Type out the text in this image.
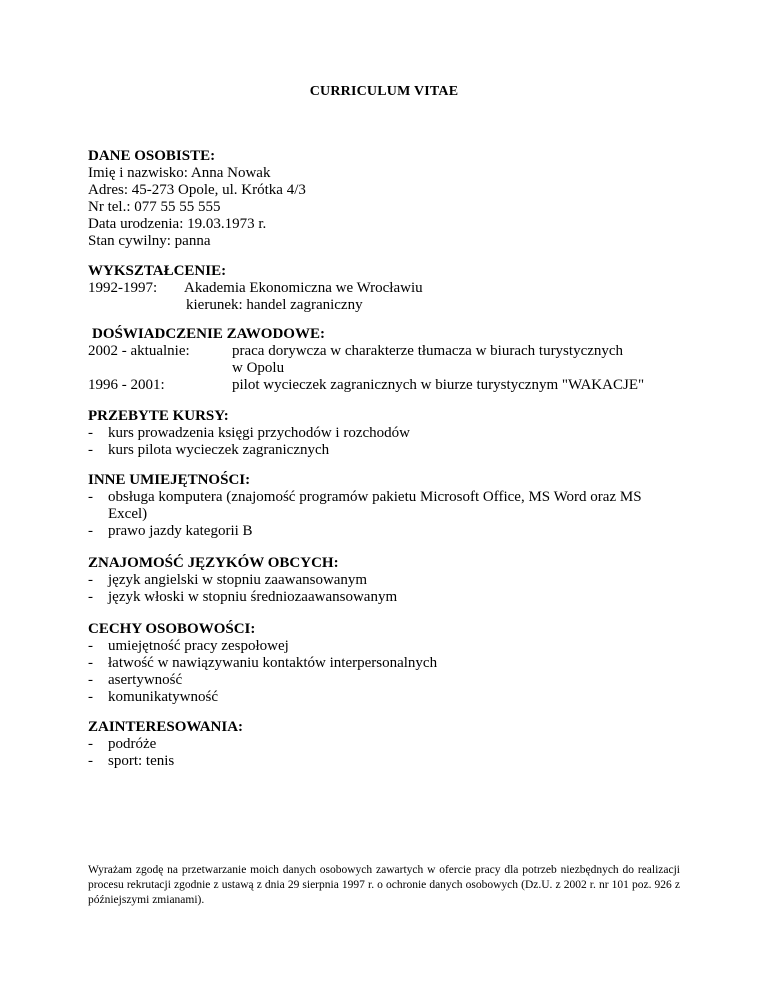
CURRICULUM VITAE
DANE OSOBISTE:
Imię i nazwisko: Anna Nowak
Adres: 45-273 Opole, ul. Krótka 4/3
Nr tel.: 077 55 55 555
Data urodzenia: 19.03.1973 r.
Stan cywilny: panna
WYKSZTAŁCENIE:
1992-1997: Akademia Ekonomiczna we Wrocławiu
kierunek: handel zagraniczny
DOŚWIADCZENIE ZAWODOWE:
2002 - aktualnie:	praca dorywcza w charakterze tłumacza w biurach turystycznych
w Opolu
1996 - 2001:	pilot wycieczek zagranicznych w biurze turystycznym "WAKACJE"
PRZEBYTE KURSY:
- kurs prowadzenia księgi przychodów i rozchodów
- kurs pilota wycieczek zagranicznych
INNE UMIEJĘTNOŚCI:
- obsługa komputera (znajomość programów pakietu Microsoft Office, MS Word oraz MS Excel)
- prawo jazdy kategorii B
ZNAJOMOŚĆ JĘZYKÓW OBCYCH:
- język angielski w stopniu zaawansowanym
- język włoski w stopniu średniozaawansowanym
CECHY OSOBOWOŚCI:
- umiejętność pracy zespołowej
- łatwość w nawiązywaniu kontaktów interpersonalnych
- asertywność
- komunikatywność
ZAINTERESOWANIA:
- podróże
- sport: tenis
Wyrażam zgodę na przetwarzanie moich danych osobowych zawartych w ofercie pracy dla potrzeb niezbędnych do realizacji procesu rekrutacji zgodnie z ustawą z dnia 29 sierpnia 1997 r. o ochronie danych osobowych (Dz.U. z 2002 r. nr 101 poz. 926 z późniejszymi zmianami).
